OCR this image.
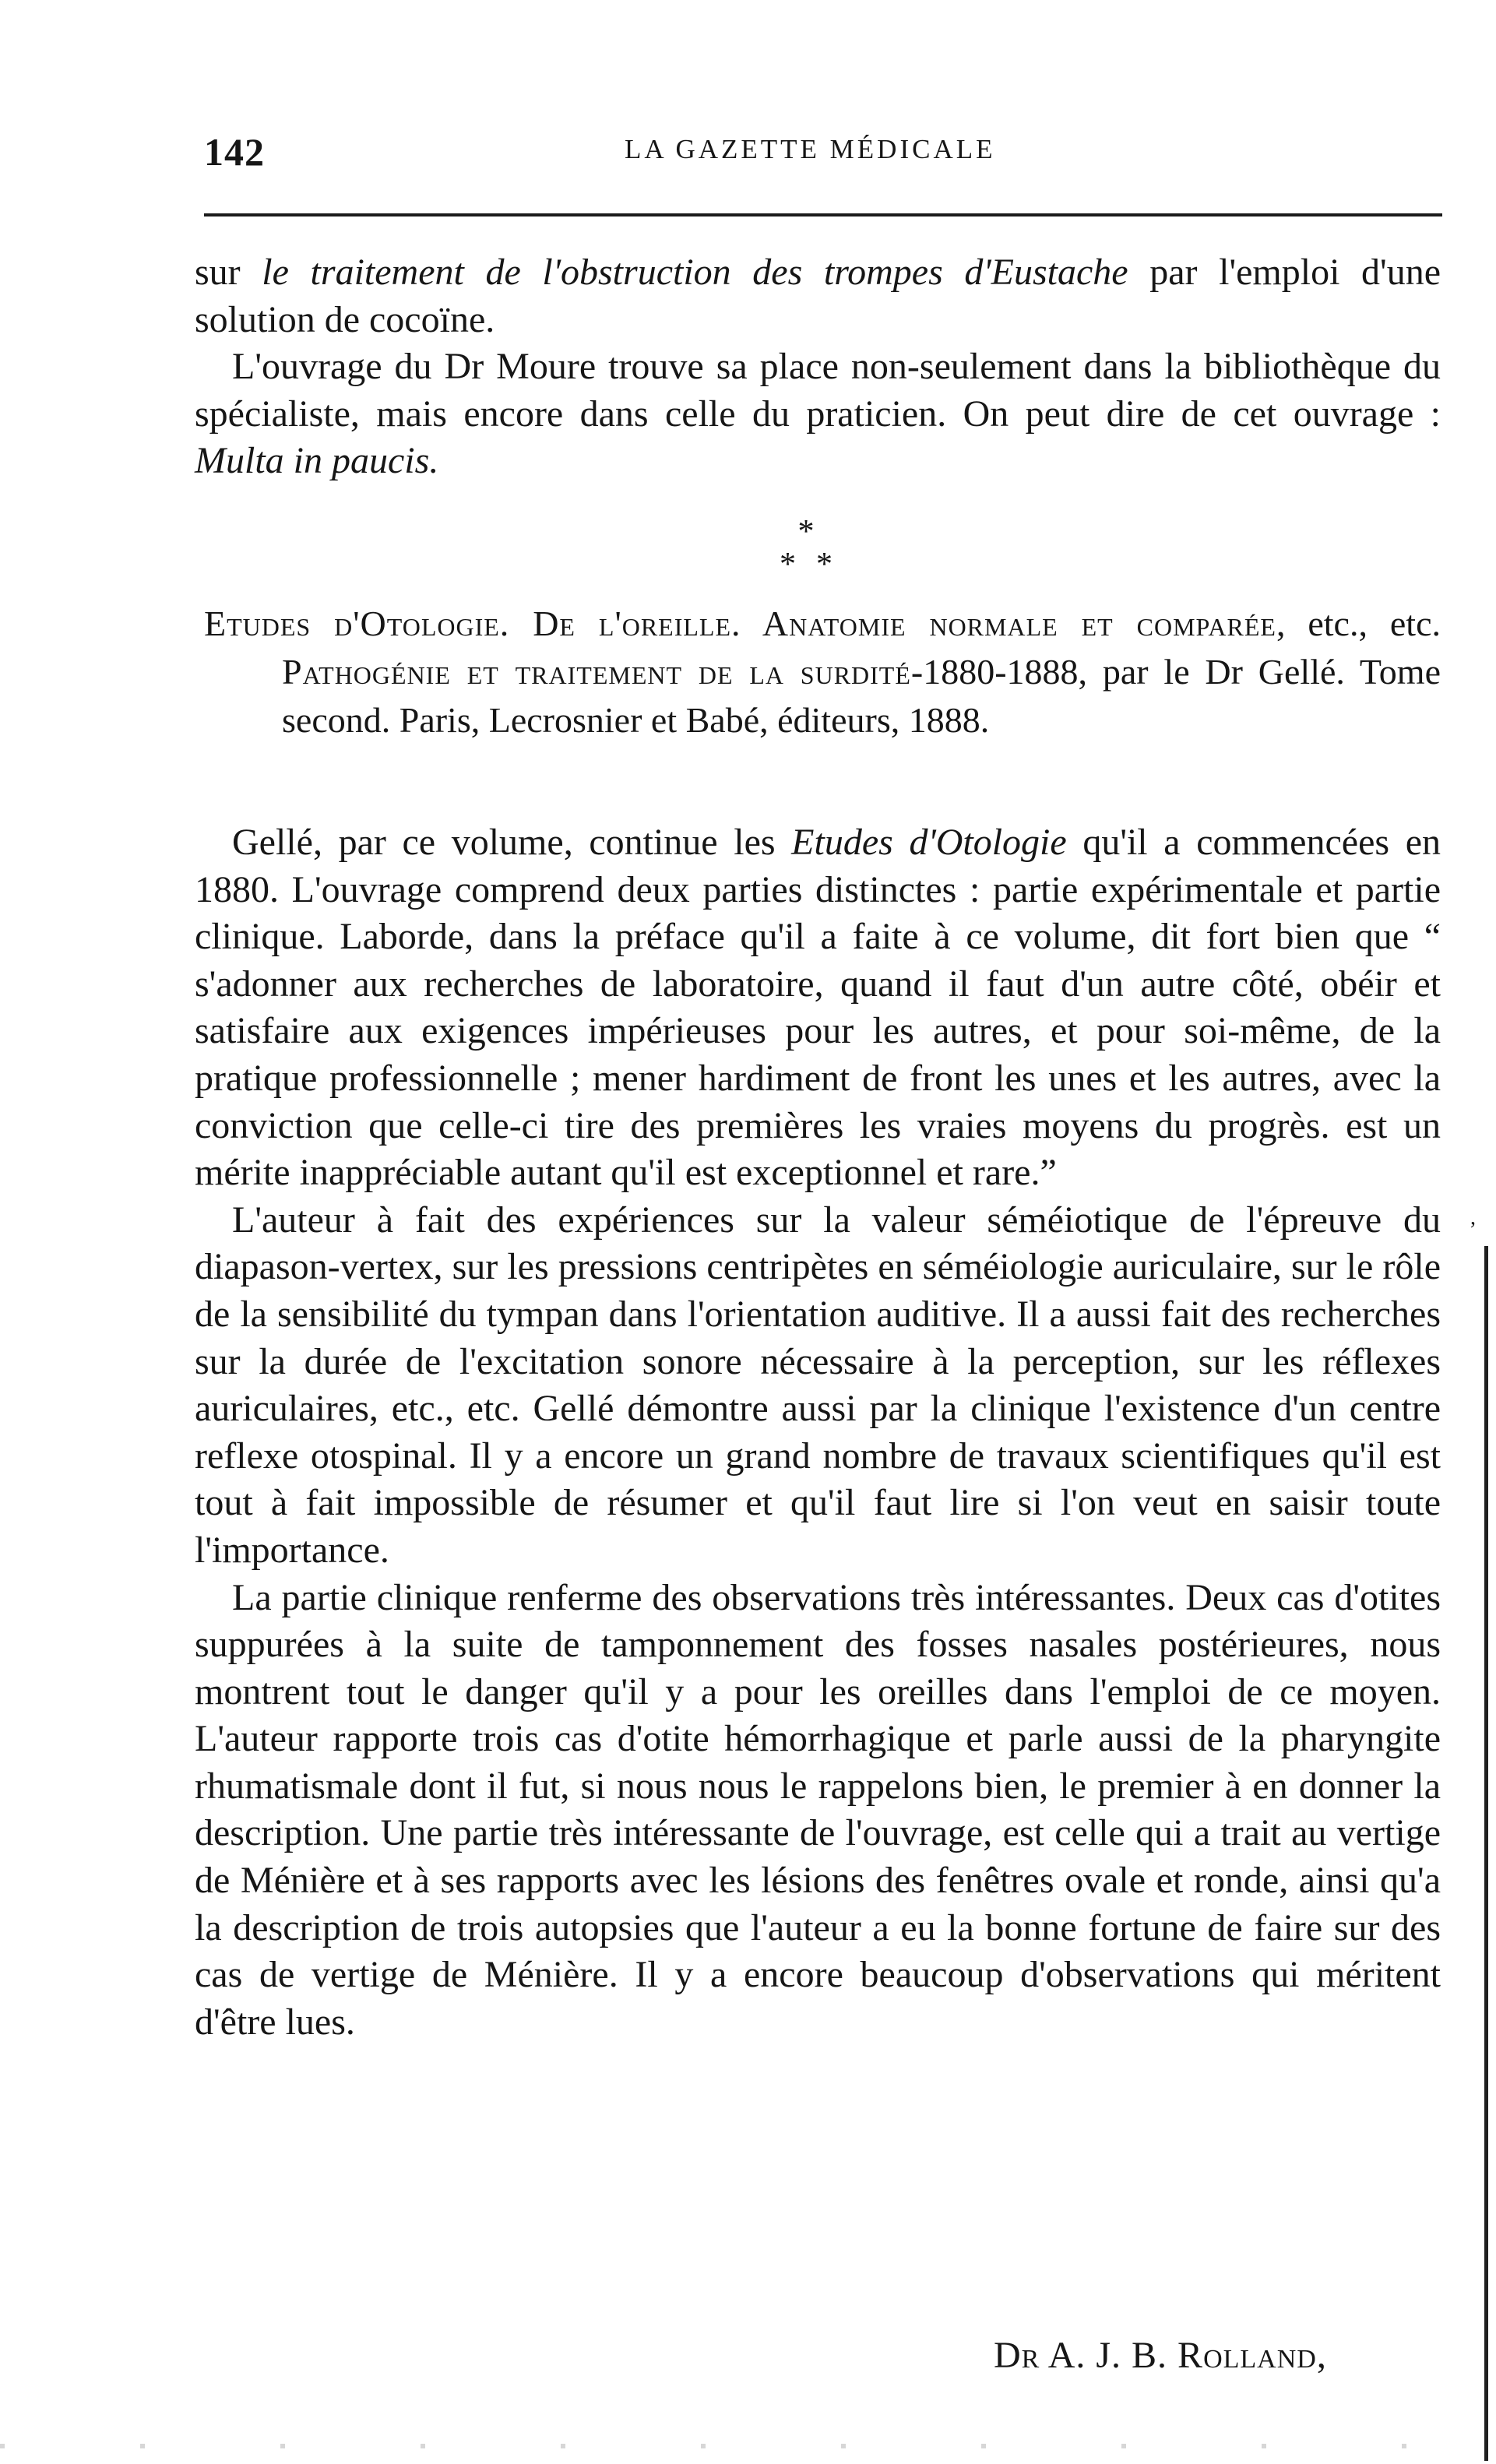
142	LA GAZETTE MÉDICALE

sur le traitement de l'obstruction des trompes d'Eustache par l'emploi d'une solution de cocoïne.

L'ouvrage du Dr Moure trouve sa place non-seulement dans la bibliothèque du spécialiste, mais encore dans celle du praticien. On peut dire de cet ouvrage : Multa in paucis.

*
**

Etudes d'Otologie. De l'oreille. Anatomie normale et comparée, etc., etc. Pathogénie et traitement de la surdité-1880-1888, par le Dr Gellé. Tome second. Paris, Lecrosnier et Babé, éditeurs, 1888.

Gellé, par ce volume, continue les Etudes d'Otologie qu'il a commencées en 1880. L'ouvrage comprend deux parties distinctes : partie expérimentale et partie clinique. Laborde, dans la préface qu'il a faite à ce volume, dit fort bien que “ s'adonner aux recherches de laboratoire, quand il faut d'un autre côté, obéir et satisfaire aux exigences impérieuses pour les autres, et pour soi-même, de la pratique professionnelle ; mener hardiment de front les unes et les autres, avec la conviction que celle-ci tire des premières les vraies moyens du progrès. est un mérite inappréciable autant qu'il est exceptionnel et rare.”

L'auteur à fait des expériences sur la valeur séméiotique de l'épreuve du diapason-vertex, sur les pressions centripètes en séméiologie auriculaire, sur le rôle de la sensibilité du tympan dans l'orientation auditive. Il a aussi fait des recherches sur la durée de l'excitation sonore nécessaire à la perception, sur les réflexes auriculaires, etc., etc. Gellé démontre aussi par la clinique l'existence d'un centre reflexe otospinal. Il y a encore un grand nombre de travaux scientifiques qu'il est tout à fait impossible de résumer et qu'il faut lire si l'on veut en saisir toute l'importance.

La partie clinique renferme des observations très intéressantes. Deux cas d'otites suppurées à la suite de tamponnement des fosses nasales postérieures, nous montrent tout le danger qu'il y a pour les oreilles dans l'emploi de ce moyen. L'auteur rapporte trois cas d'otite hémorrhagique et parle aussi de la pharyngite rhumatismale dont il fut, si nous nous le rappelons bien, le premier à en donner la description. Une partie très intéressante de l'ouvrage, est celle qui a trait au vertige de Ménière et à ses rapports avec les lésions des fenêtres ovale et ronde, ainsi qu'a la description de trois autopsies que l'auteur a eu la bonne fortune de faire sur des cas de vertige de Ménière. Il y a encore beaucoup d'observations qui méritent d'être lues.

Dr A. J. B. Rolland,
,
